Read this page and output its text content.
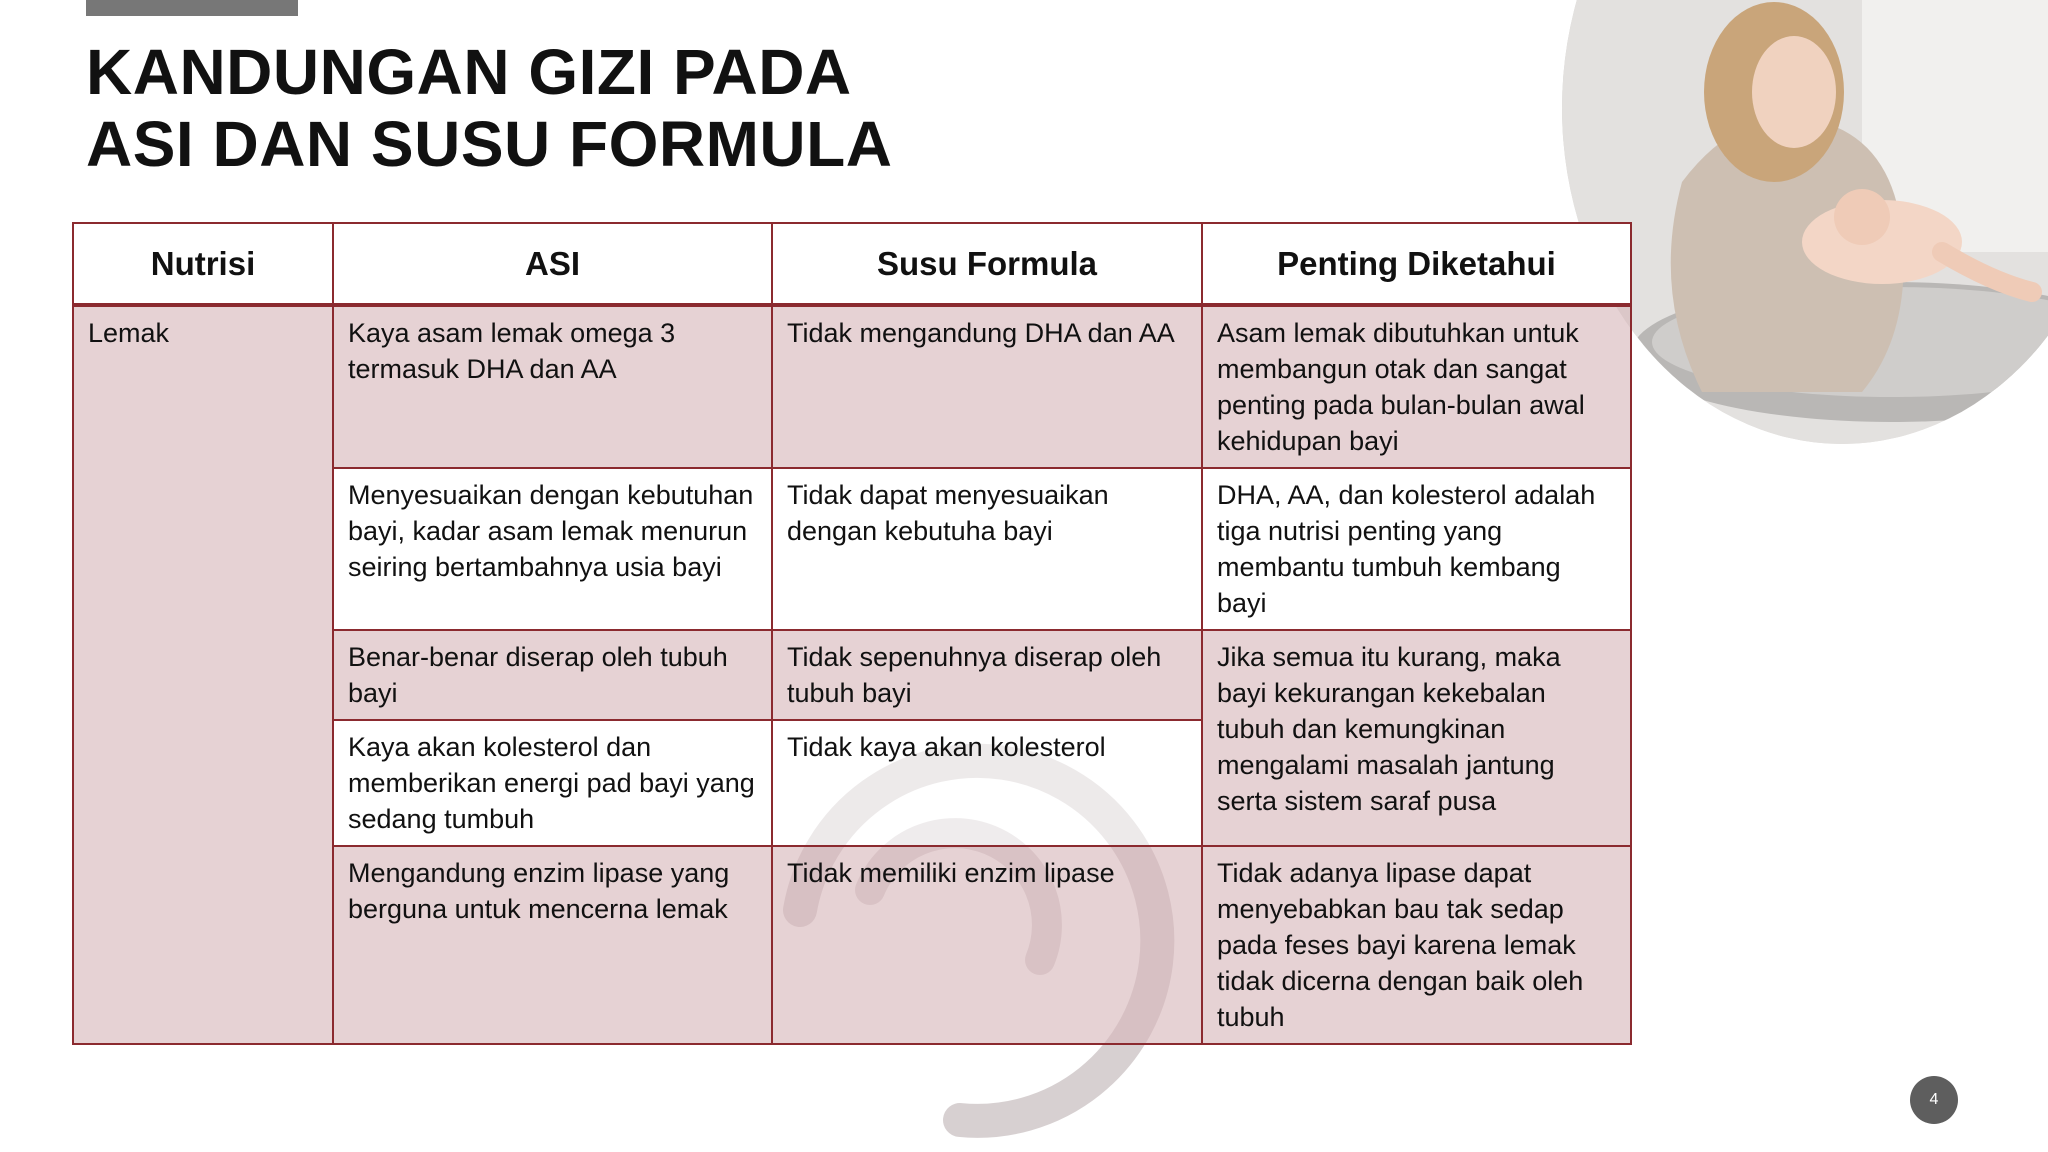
KANDUNGAN GIZI PADA
ASI DAN SUSU FORMULA
Nutrisi	ASI	Susu Formula	Penting Diketahui
Lemak	Kaya asam lemak omega 3 termasuk DHA dan AA	Tidak mengandung DHA dan AA	Asam lemak dibutuhkan untuk membangun otak dan sangat penting pada bulan-bulan awal kehidupan bayi
	Menyesuaikan dengan kebutuhan bayi, kadar asam lemak menurun seiring bertambahnya usia bayi	Tidak dapat menyesuaikan dengan kebutuha bayi	DHA, AA, dan kolesterol adalah tiga nutrisi penting yang membantu tumbuh kembang bayi
	Benar-benar diserap oleh tubuh bayi	Tidak sepenuhnya diserap oleh tubuh bayi	Jika semua itu kurang, maka bayi kekurangan kekebalan tubuh dan kemungkinan mengalami masalah jantung serta sistem saraf pusa
	Kaya akan kolesterol dan memberikan energi pad bayi yang sedang tumbuh	Tidak kaya akan kolesterol	
	Mengandung enzim lipase yang berguna untuk mencerna lemak	Tidak memiliki enzim lipase	Tidak adanya lipase dapat menyebabkan bau tak sedap pada feses bayi karena lemak tidak dicerna dengan baik oleh tubuh
4
